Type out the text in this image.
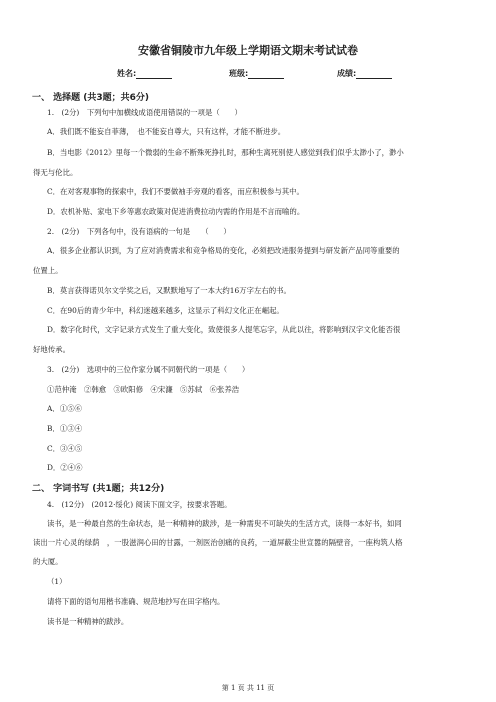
安徽省铜陵市九年级上学期语文期末考试试卷
姓名:	班级:	成绩:
一、 选择题 (共3题；共6分)
1.　(2分)　下列句中加横线成语使用错误的一项是（　　）
A．我们既不能妄自菲薄，　也不能妄自尊大，只有这样，才能不断进步。
B．当电影《2012》里每一个微弱的生命不断殊死挣扎时，那种生离死别使人感觉到我们似乎太渺小了，渺小
得无与伦比。
C．在对客观事物的探索中，我们不要做袖手旁观的看客，而应积极参与其中。
D．农机补贴、家电下乡等惠农政策对促进消费拉动内需的作用是不言而喻的。
2.　(2分)　下列各句中，没有语病的一句是　　（　　）
A．很多企业都认识到，为了应对消费需求和竞争格局的变化，必须把改进服务提到与研发新产品同等重要的
位置上。
B．莫言获得诺贝尔文学奖之后，又默默地写了一本大约16万字左右的书。
C．在90后的青少年中，科幻迷越来越多，这显示了科幻文化正在崛起。
D．数字化时代，文字记录方式发生了重大变化，致使很多人提笔忘字，从此以往，将影响到汉字文化能否很
好地传承。
3.　(2分)　选项中的三位作家分属不同朝代的一项是（　　）
①范仲淹　②韩愈　③欧阳修　④宋濂　⑤苏轼　⑥张养浩
A．①⑤⑥
B．①③④
C．③④⑤
D．②④⑥
二、 字词书写 (共1题；共12分)
4.　(12分)　(2012·绥化) 阅读下面文字，按要求答题。
读书，是一种最自然的生命状态，是一种精神的跋涉，是一种需臾不可缺失的生活方式，读得一本好书，如同
读出一片心灵的绿荫　，一股滋润心田的甘露，一剂医治创痛的良药，一道屏蔽尘世宣嚣的隔壁音，一座构筑人格
的大厦。
（1）
请将下面的语句用楷书准确、规范地抄写在田字格内。
读书是一种精神的跋涉。
第 1 页 共 11 页
